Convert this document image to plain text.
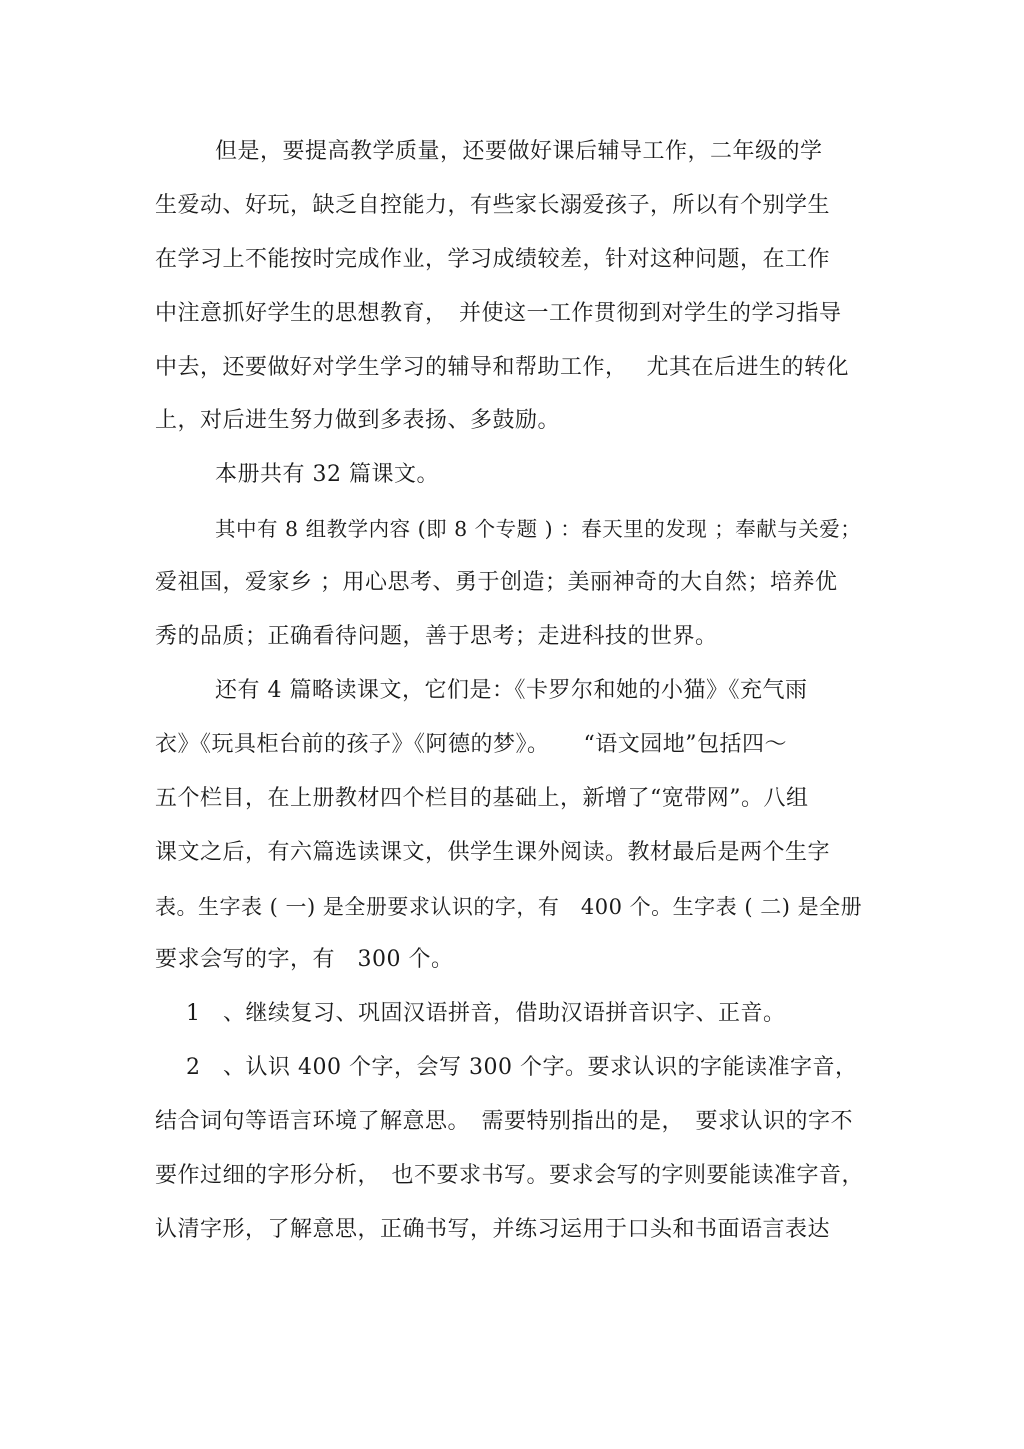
但是，要提高教学质量，还要做好课后辅导工作，二年级的学
生爱动、好玩，缺乏自控能力，有些家长溺爱孩子，所以有个别学生
在学习上不能按时完成作业，学习成绩较差，针对这种问题，在工作
中注意抓好学生的思想教育，　并使这一工作贯彻到对学生的学习指导
中去，还要做好对学生学习的辅导和帮助工作，　 尤其在后进生的转化
上，对后进生努力做到多表扬、多鼓励。
本册共有 32 篇课文。
其中有 8 组教学内容 (即 8 个专题 ) ：春天里的发现 ；奉献与关爱；
爱祖国，爱家乡 ；用心思考、勇于创造；美丽神奇的大自然；培养优
秀的品质；正确看待问题，善于思考；走进科技的世界。
还有 4 篇略读课文，它们是：《卡罗尔和她的小猫》《充气雨
衣》《玩具柜台前的孩子》《阿德的梦》。　　“语文园地”包括四～
五个栏目，在上册教材四个栏目的基础上，新增了“宽带网”。八组
课文之后，有六篇选读课文，供学生课外阅读。教材最后是两个生字
表。生字表 ( 一) 是全册要求认识的字，有　400 个。生字表 ( 二) 是全册
要求会写的字，有　300 个。
1　、继续复习、巩固汉语拼音，借助汉语拼音识字、正音。
2　、认识 400 个字，会写 300 个字。要求认识的字能读准字音，
结合词句等语言环境了解意思。　需要特别指出的是，　要求认识的字不
要作过细的字形分析，　也不要求书写。要求会写的字则要能读准字音，
认清字形，了解意思，正确书写，并练习运用于口头和书面语言表达
